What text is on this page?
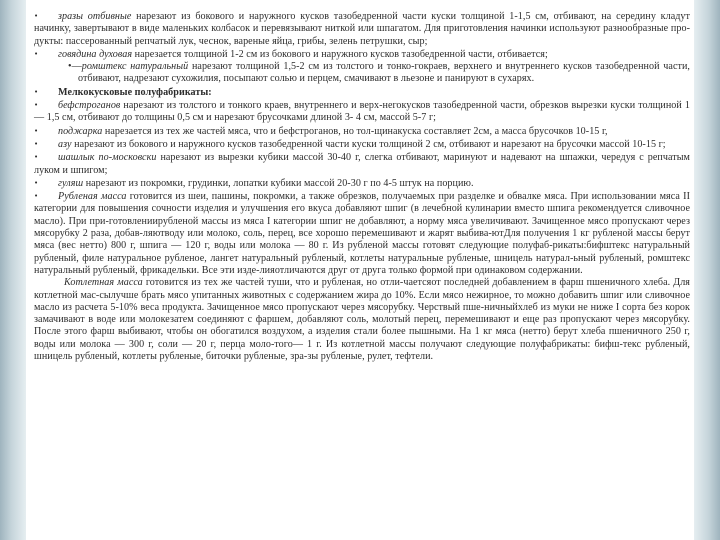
• зразы отбивные нарезают из бокового и наружного кусков тазобедренной части куски толщиной 1-1,5 см, отбивают, на середину кладут начинку, завертывают в виде маленьких колбасок и перевязывают ниткой или шпагатом. Для приготовления начинки используют разнообразные про-дукты: пассерованный репчатый лук, чеснок, вареные яйца, грибы, зелень петрушки, сыр;

• говядина духовая нарезается толщиной 1-2 см из бокового и наружного кусков тазобедренной части, отбивается;

•—ромштекс натуральный нарезают толщиной 1,5-2 см из толстого и тонко-гокраев, верхнего и внутреннего кусков тазобедренной части, отбивают, надрезают сухожилия, посыпают солью и перцем, смачивают в льезоне и панируют в сухарях.

• Мелкокусковые полуфабрикаты:

• бефстроганов нарезают из толстого и тонкого краев, внутреннего и верх-негокусков тазобедренной части, обрезков вырезки куски толщиной 1— 1,5 см, отбивают до толщины 0,5 см и нарезают брусочками длиной 3- 4 см, массой 5-7 г;

• поджарка нарезается из тех же частей мяса, что и бефстроганов, но тол-щинакуска составляет 2см, а масса брусочков 10-15 г,

• азу нарезают из бокового и наружного кусков тазобедренной части куски толщиной 2 см, отбивают и нарезают на брусочки массой 10-15 г;

• шашлык по-московски нарезают из вырезки кубики массой 30-40 г, слегка отбивают, маринуют и надевают на шпажки, чередуя с репчатым луком и шпигом;

• гуляш нарезают из покромки, грудинки, лопатки кубики массой 20-30 г по 4-5 штук на порцию.

• Рубленая масса готовится из шеи, пашины, покромки, а также обрезков, получаемых при разделке и обвалке мяса. При использовании мяса II категории для повышения сочности изделия и улучшения его вкуса добавляют шпиг (в лечебной кулинарии вместо шпига рекомендуется сливочное масло). При при-готовлениирубленой массы из мяса I категории шпиг не добавляют, а норму мяса увеличивают. Зачищенное мясо пропускают через мясорубку 2 раза, добав-ляютводу или молоко, соль, перец, все хорошо перемешивают и жарят выбива-ютДля получения 1 кг рубленой массы берут мяса (вес нетто) 800 г, шпига — 120 г, воды или молока — 80 г. Из рубленой массы готовят следующие полуфаб-рикаты:бифштекс натуральный рубленый, филе натуральное рубленое, лангет натуральный рубленый, котлеты натуральные рубленые, шницель натурал-ьный рубленый, ромштекс натуральный рубленый, фрикадельки. Все эти изде-лияотличаются друг от друга только формой при одинаковом содержании.

Котлетная масса готовится из тех же частей туши, что и рубленая, но отли-чаетсяот последней добавлением в фарш пшеничного хлеба. Для котлетной мас-сылучше брать мясо упитанных животных с содержанием жира до 10%. Если мясо нежирное, то можно добавить шпиг или сливочное масло из расчета 5-10% веса продукта. Зачищенное мясо пропускают через мясорубку. Черствый пше-ничныйхлеб из муки не ниже I сорта без корок замачивают в воде или молокезатем соединяют с фаршем, добавляют соль, молотый перец, перемешивают и еще раз пропускают через мясорубку. После этого фарш выбивают, чтобы он обогатился воздухом, а изделия стали более пышными. На 1 кг мяса (нетто) берут хлеба пшеничного 250 г, воды или молока — 300 г, соли — 20 г, перца моло-того— 1 г. Из котлетной массы получают следующие полуфабрикаты: бифш-текс рубленый, шницель рубленый, котлеты рубленые, биточки рубленые, зра-зы рубленые, рулет, тефтели.
